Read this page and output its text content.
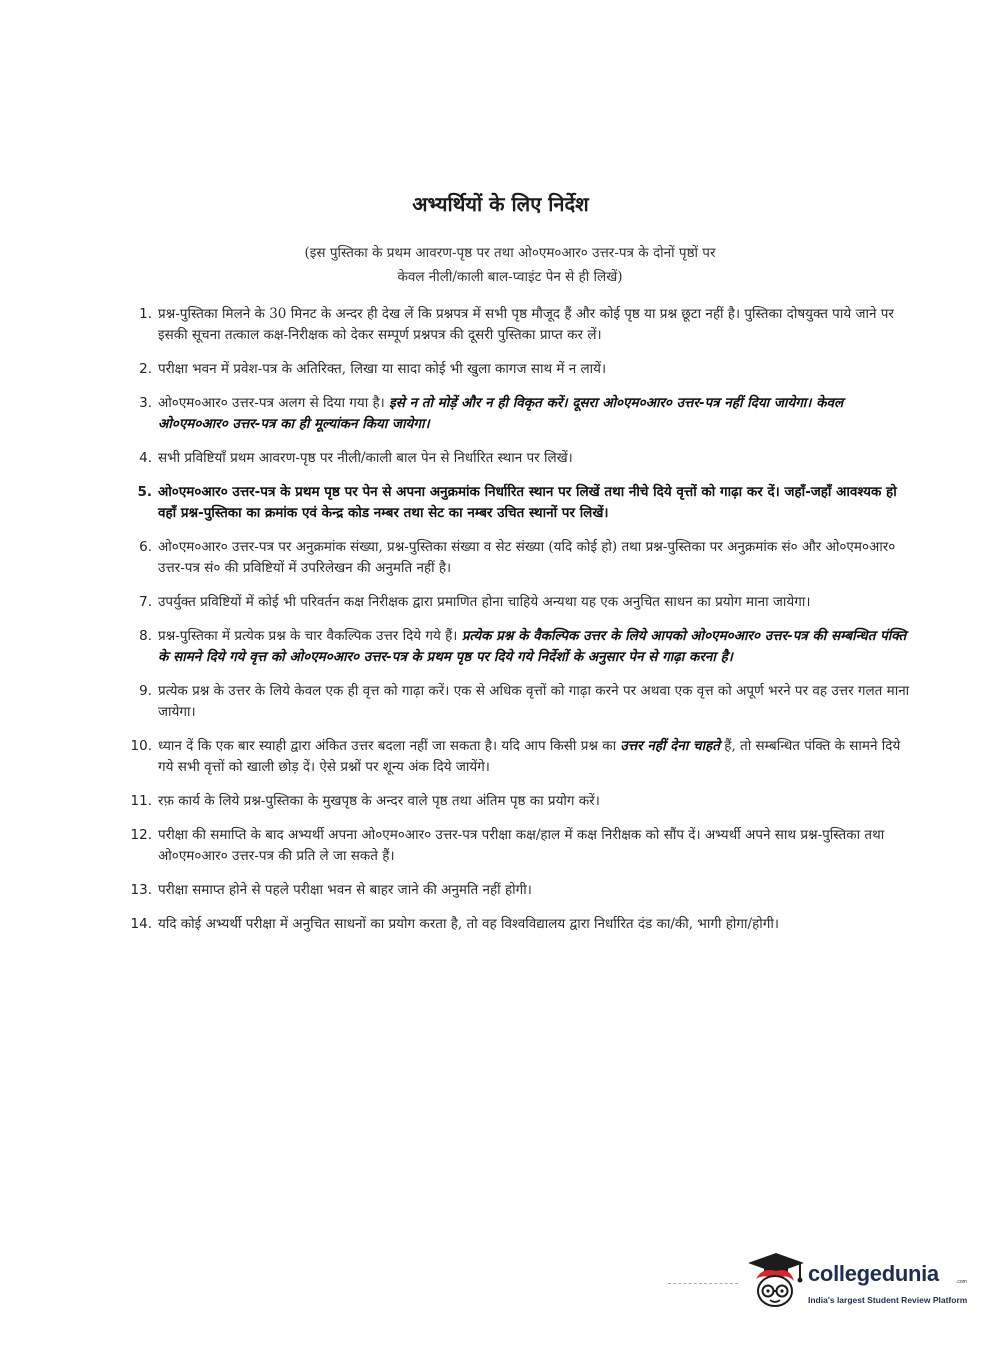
अभ्यर्थियों के लिए निर्देश
(इस पुस्तिका के प्रथम आवरण-पृष्ठ पर तथा ओ०एम०आर० उत्तर-पत्र के दोनों पृष्ठों पर
केवल नीली/काली बाल-प्वाइंट पेन से ही लिखें)
1. प्रश्न-पुस्तिका मिलने के 30 मिनट के अन्दर ही देख लें कि प्रश्नपत्र में सभी पृष्ठ मौजूद हैं और कोई पृष्ठ या प्रश्न छूटा नहीं है। पुस्तिका दोषयुक्त पाये जाने पर इसकी सूचना तत्काल कक्ष-निरीक्षक को देकर सम्पूर्ण प्रश्नपत्र की दूसरी पुस्तिका प्राप्त कर लें।
2. परीक्षा भवन में प्रवेश-पत्र के अतिरिक्त, लिखा या सादा कोई भी खुला कागज साथ में न लायें।
3. ओ०एम०आर० उत्तर-पत्र अलग से दिया गया है। इसे न तो मोड़ें और न ही विकृत करें। दूसरा ओ०एम०आर० उत्तर-पत्र नहीं दिया जायेगा। केवल ओ०एम०आर० उत्तर-पत्र का ही मूल्यांकन किया जायेगा।
4. सभी प्रविष्टियाँ प्रथम आवरण-पृष्ठ पर नीली/काली बाल पेन से निर्धारित स्थान पर लिखें।
5. ओ०एम०आर० उत्तर-पत्र के प्रथम पृष्ठ पर पेन से अपना अनुक्रमांक निर्धारित स्थान पर लिखें तथा नीचे दिये वृत्तों को गाढ़ा कर दें। जहाँ-जहाँ आवश्यक हो वहाँ प्रश्न-पुस्तिका का क्रमांक एवं केन्द्र कोड नम्बर तथा सेट का नम्बर उचित स्थानों पर लिखें।
6. ओ०एम०आर० उत्तर-पत्र पर अनुक्रमांक संख्या, प्रश्न-पुस्तिका संख्या व सेट संख्या (यदि कोई हो) तथा प्रश्न-पुस्तिका पर अनुक्रमांक सं० और ओ०एम०आर० उत्तर-पत्र सं० की प्रविष्टियों में उपरिलेखन की अनुमति नहीं है।
7. उपर्युक्त प्रविष्टियों में कोई भी परिवर्तन कक्ष निरीक्षक द्वारा प्रमाणित होना चाहिये अन्यथा यह एक अनुचित साधन का प्रयोग माना जायेगा।
8. प्रश्न-पुस्तिका में प्रत्येक प्रश्न के चार वैकल्पिक उत्तर दिये गये हैं। प्रत्येक प्रश्न के वैकल्पिक उत्तर के लिये आपको ओ०एम०आर० उत्तर-पत्र की सम्बन्धित पंक्ति के सामने दिये गये वृत्त को ओ०एम०आर० उत्तर-पत्र के प्रथम पृष्ठ पर दिये गये निर्देशों के अनुसार पेन से गाढ़ा करना है।
9. प्रत्येक प्रश्न के उत्तर के लिये केवल एक ही वृत्त को गाढ़ा करें। एक से अधिक वृत्तों को गाढ़ा करने पर अथवा एक वृत्त को अपूर्ण भरने पर वह उत्तर गलत माना जायेगा।
10. ध्यान दें कि एक बार स्याही द्वारा अंकित उत्तर बदला नहीं जा सकता है। यदि आप किसी प्रश्न का उत्तर नहीं देना चाहते हैं, तो सम्बन्धित पंक्ति के सामने दिये गये सभी वृत्तों को खाली छोड़ दें। ऐसे प्रश्नों पर शून्य अंक दिये जायेंगे।
11. रफ़ कार्य के लिये प्रश्न-पुस्तिका के मुखपृष्ठ के अन्दर वाले पृष्ठ तथा अंतिम पृष्ठ का प्रयोग करें।
12. परीक्षा की समाप्ति के बाद अभ्यर्थी अपना ओ०एम०आर० उत्तर-पत्र परीक्षा कक्ष/हाल में कक्ष निरीक्षक को सौंप दें। अभ्यर्थी अपने साथ प्रश्न-पुस्तिका तथा ओ०एम०आर० उत्तर-पत्र की प्रति ले जा सकते हैं।
13. परीक्षा समाप्त होने से पहले परीक्षा भवन से बाहर जाने की अनुमति नहीं होगी।
14. यदि कोई अभ्यर्थी परीक्षा में अनुचित साधनों का प्रयोग करता है, तो वह विश्वविद्यालय द्वारा निर्धारित दंड का/की, भागी होगा/होगी।
collegedunia	.com
India's largest Student Review Platform
